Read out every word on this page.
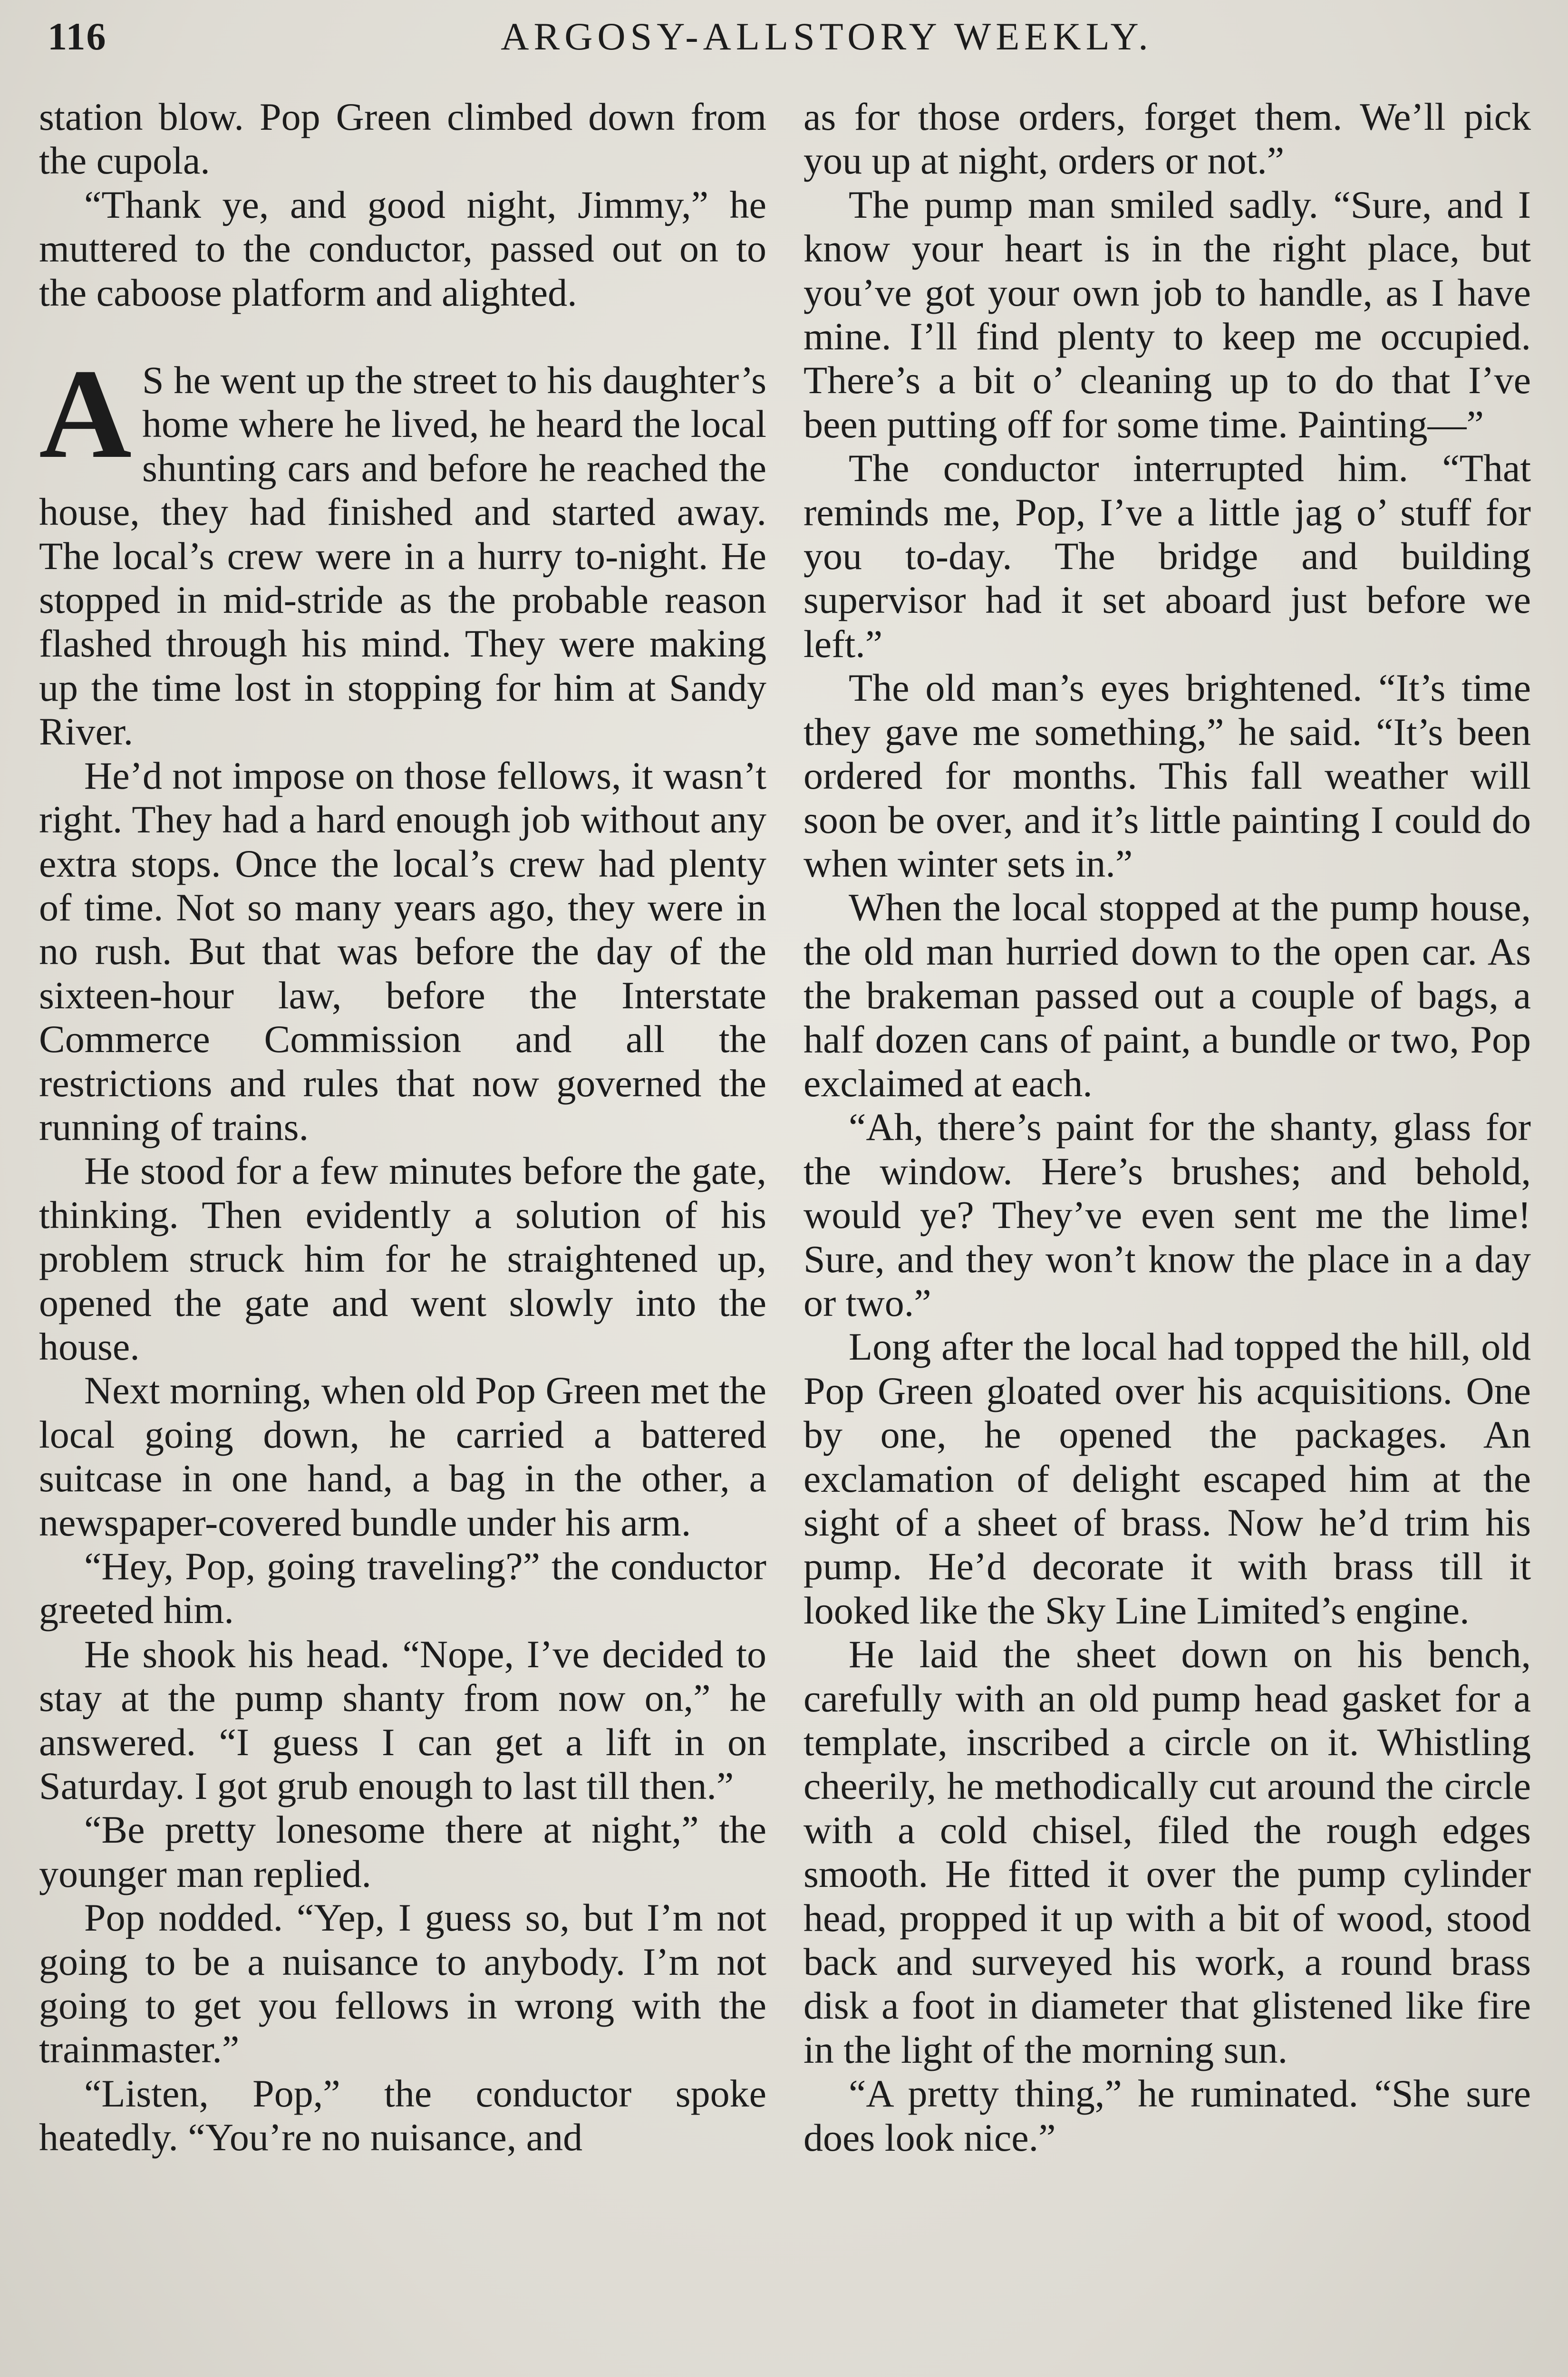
116	ARGOSY-ALLSTORY WEEKLY.

station blow. Pop Green climbed down from the cupola.

“Thank ye, and good night, Jimmy,” he muttered to the conductor, passed out on to the caboose platform and alighted.

A S he went up the street to his daughter’s home where he lived, he heard the local shunting cars and before he reached the house, they had finished and started away. The local’s crew were in a hurry to-night. He stopped in mid-stride as the probable reason flashed through his mind. They were making up the time lost in stopping for him at Sandy River.

He’d not impose on those fellows, it wasn’t right. They had a hard enough job without any extra stops. Once the local’s crew had plenty of time. Not so many years ago, they were in no rush. But that was before the day of the sixteen-hour law, before the Interstate Commerce Commission and all the restrictions and rules that now governed the running of trains.

He stood for a few minutes before the gate, thinking. Then evidently a solution of his problem struck him for he straightened up, opened the gate and went slowly into the house.

Next morning, when old Pop Green met the local going down, he carried a battered suitcase in one hand, a bag in the other, a newspaper-covered bundle under his arm.

“Hey, Pop, going traveling?” the conductor greeted him.

He shook his head. “Nope, I’ve decided to stay at the pump shanty from now on,” he answered. “I guess I can get a lift in on Saturday. I got grub enough to last till then.”

“Be pretty lonesome there at night,” the younger man replied.

Pop nodded. “Yep, I guess so, but I’m not going to be a nuisance to anybody. I’m not going to get you fellows in wrong with the trainmaster.”

“Listen, Pop,” the conductor spoke heatedly. “You’re no nuisance, and

as for those orders, forget them. We’ll pick you up at night, orders or not.”

The pump man smiled sadly. “Sure, and I know your heart is in the right place, but you’ve got your own job to handle, as I have mine. I’ll find plenty to keep me occupied. There’s a bit o’ cleaning up to do that I’ve been putting off for some time. Painting—”

The conductor interrupted him. “That reminds me, Pop, I’ve a little jag o’ stuff for you to-day. The bridge and building supervisor had it set aboard just before we left.”

The old man’s eyes brightened. “It’s time they gave me something,” he said. “It’s been ordered for months. This fall weather will soon be over, and it’s little painting I could do when winter sets in.”

When the local stopped at the pump house, the old man hurried down to the open car. As the brakeman passed out a couple of bags, a half dozen cans of paint, a bundle or two, Pop exclaimed at each.

“Ah, there’s paint for the shanty, glass for the window. Here’s brushes; and behold, would ye? They’ve even sent me the lime! Sure, and they won’t know the place in a day or two.”

Long after the local had topped the hill, old Pop Green gloated over his acquisitions. One by one, he opened the packages. An exclamation of delight escaped him at the sight of a sheet of brass. Now he’d trim his pump. He’d decorate it with brass till it looked like the Sky Line Limited’s engine.

He laid the sheet down on his bench, carefully with an old pump head gasket for a template, inscribed a circle on it. Whistling cheerily, he methodically cut around the circle with a cold chisel, filed the rough edges smooth. He fitted it over the pump cylinder head, propped it up with a bit of wood, stood back and surveyed his work, a round brass disk a foot in diameter that glistened like fire in the light of the morning sun.

“A pretty thing,” he ruminated. “She sure does look nice.”
